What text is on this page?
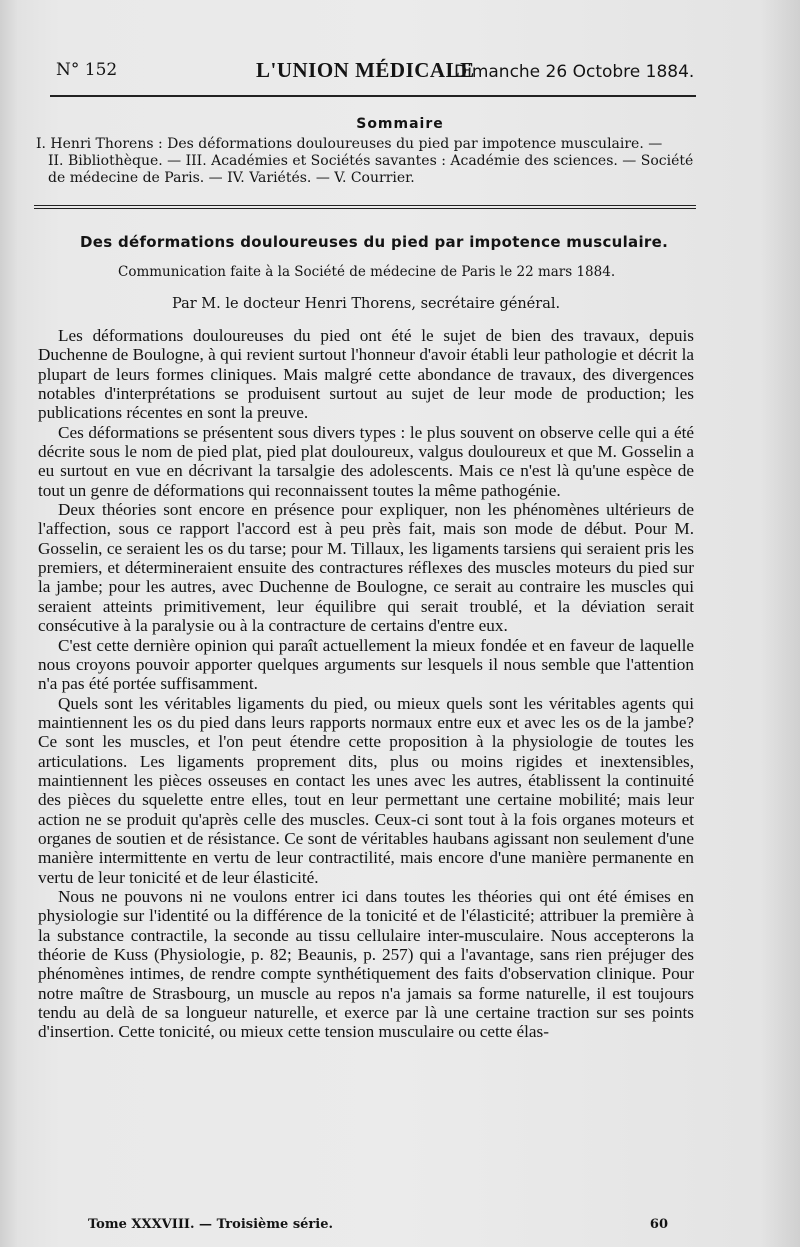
N° 152	L'UNION MÉDICALE
Dimanche 26 Octobre 1884.
Sommaire
I. Henri Thorens : Des déformations douloureuses du pied par impotence musculaire. —
II. Bibliothèque. — III. Académies et Sociétés savantes : Académie des sciences. — Société
de médecine de Paris. — IV. Variétés. — V. Courrier.
Des déformations douloureuses du pied par impotence musculaire.
Communication faite à la Société de médecine de Paris le 22 mars 1884.
Par M. le docteur Henri Thorens, secrétaire général.

Les déformations douloureuses du pied ont été le sujet de bien des travaux, depuis Duchenne de Boulogne, à qui revient surtout l'honneur d'avoir établi leur pathologie et décrit la plupart de leurs formes cliniques. Mais malgré cette abondance de travaux, des divergences notables d'interprétations se produisent surtout au sujet de leur mode de production; les publications récentes en sont la preuve.

Ces déformations se présentent sous divers types : le plus souvent on observe celle qui a été décrite sous le nom de pied plat, pied plat douloureux, valgus douloureux et que M. Gosselin a eu surtout en vue en décrivant la tarsalgie des adolescents. Mais ce n'est là qu'une espèce de tout un genre de déformations qui reconnaissent toutes la même pathogénie.

Deux théories sont encore en présence pour expliquer, non les phénomènes ultérieurs de l'affection, sous ce rapport l'accord est à peu près fait, mais son mode de début. Pour M. Gosselin, ce seraient les os du tarse; pour M. Tillaux, les ligaments tarsiens qui seraient pris les premiers, et détermineraient ensuite des contractures réflexes des muscles moteurs du pied sur la jambe; pour les autres, avec Duchenne de Boulogne, ce serait au contraire les muscles qui seraient atteints primitivement, leur équilibre qui serait troublé, et la déviation serait consécutive à la paralysie ou à la contracture de certains d'entre eux.

C'est cette dernière opinion qui paraît actuellement la mieux fondée et en faveur de laquelle nous croyons pouvoir apporter quelques arguments sur lesquels il nous semble que l'attention n'a pas été portée suffisamment.

Quels sont les véritables ligaments du pied, ou mieux quels sont les véritables agents qui maintiennent les os du pied dans leurs rapports normaux entre eux et avec les os de la jambe? Ce sont les muscles, et l'on peut étendre cette proposition à la physiologie de toutes les articulations. Les ligaments proprement dits, plus ou moins rigides et inextensibles, maintiennent les pièces osseuses en contact les unes avec les autres, établissent la continuité des pièces du squelette entre elles, tout en leur permettant une certaine mobilité; mais leur action ne se produit qu'après celle des muscles. Ceux-ci sont tout à la fois organes moteurs et organes de soutien et de résistance. Ce sont de véritables haubans agissant non seulement d'une manière intermittente en vertu de leur contractilité, mais encore d'une manière permanente en vertu de leur tonicité et de leur élasticité.

Nous ne pouvons ni ne voulons entrer ici dans toutes les théories qui ont été émises en physiologie sur l'identité ou la différence de la tonicité et de l'élasticité; attribuer la première à la substance contractile, la seconde au tissu cellulaire inter-musculaire. Nous accepterons la théorie de Kuss (Physiologie, p. 82; Beaunis, p. 257) qui a l'avantage, sans rien préjuger des phénomènes intimes, de rendre compte synthétiquement des faits d'observation clinique. Pour notre maître de Strasbourg, un muscle au repos n'a jamais sa forme naturelle, il est toujours tendu au delà de sa longueur naturelle, et exerce par là une certaine traction sur ses points d'insertion. Cette tonicité, ou mieux cette tension musculaire ou cette élas-

Tome XXXVIII. — Troisième série.	60
